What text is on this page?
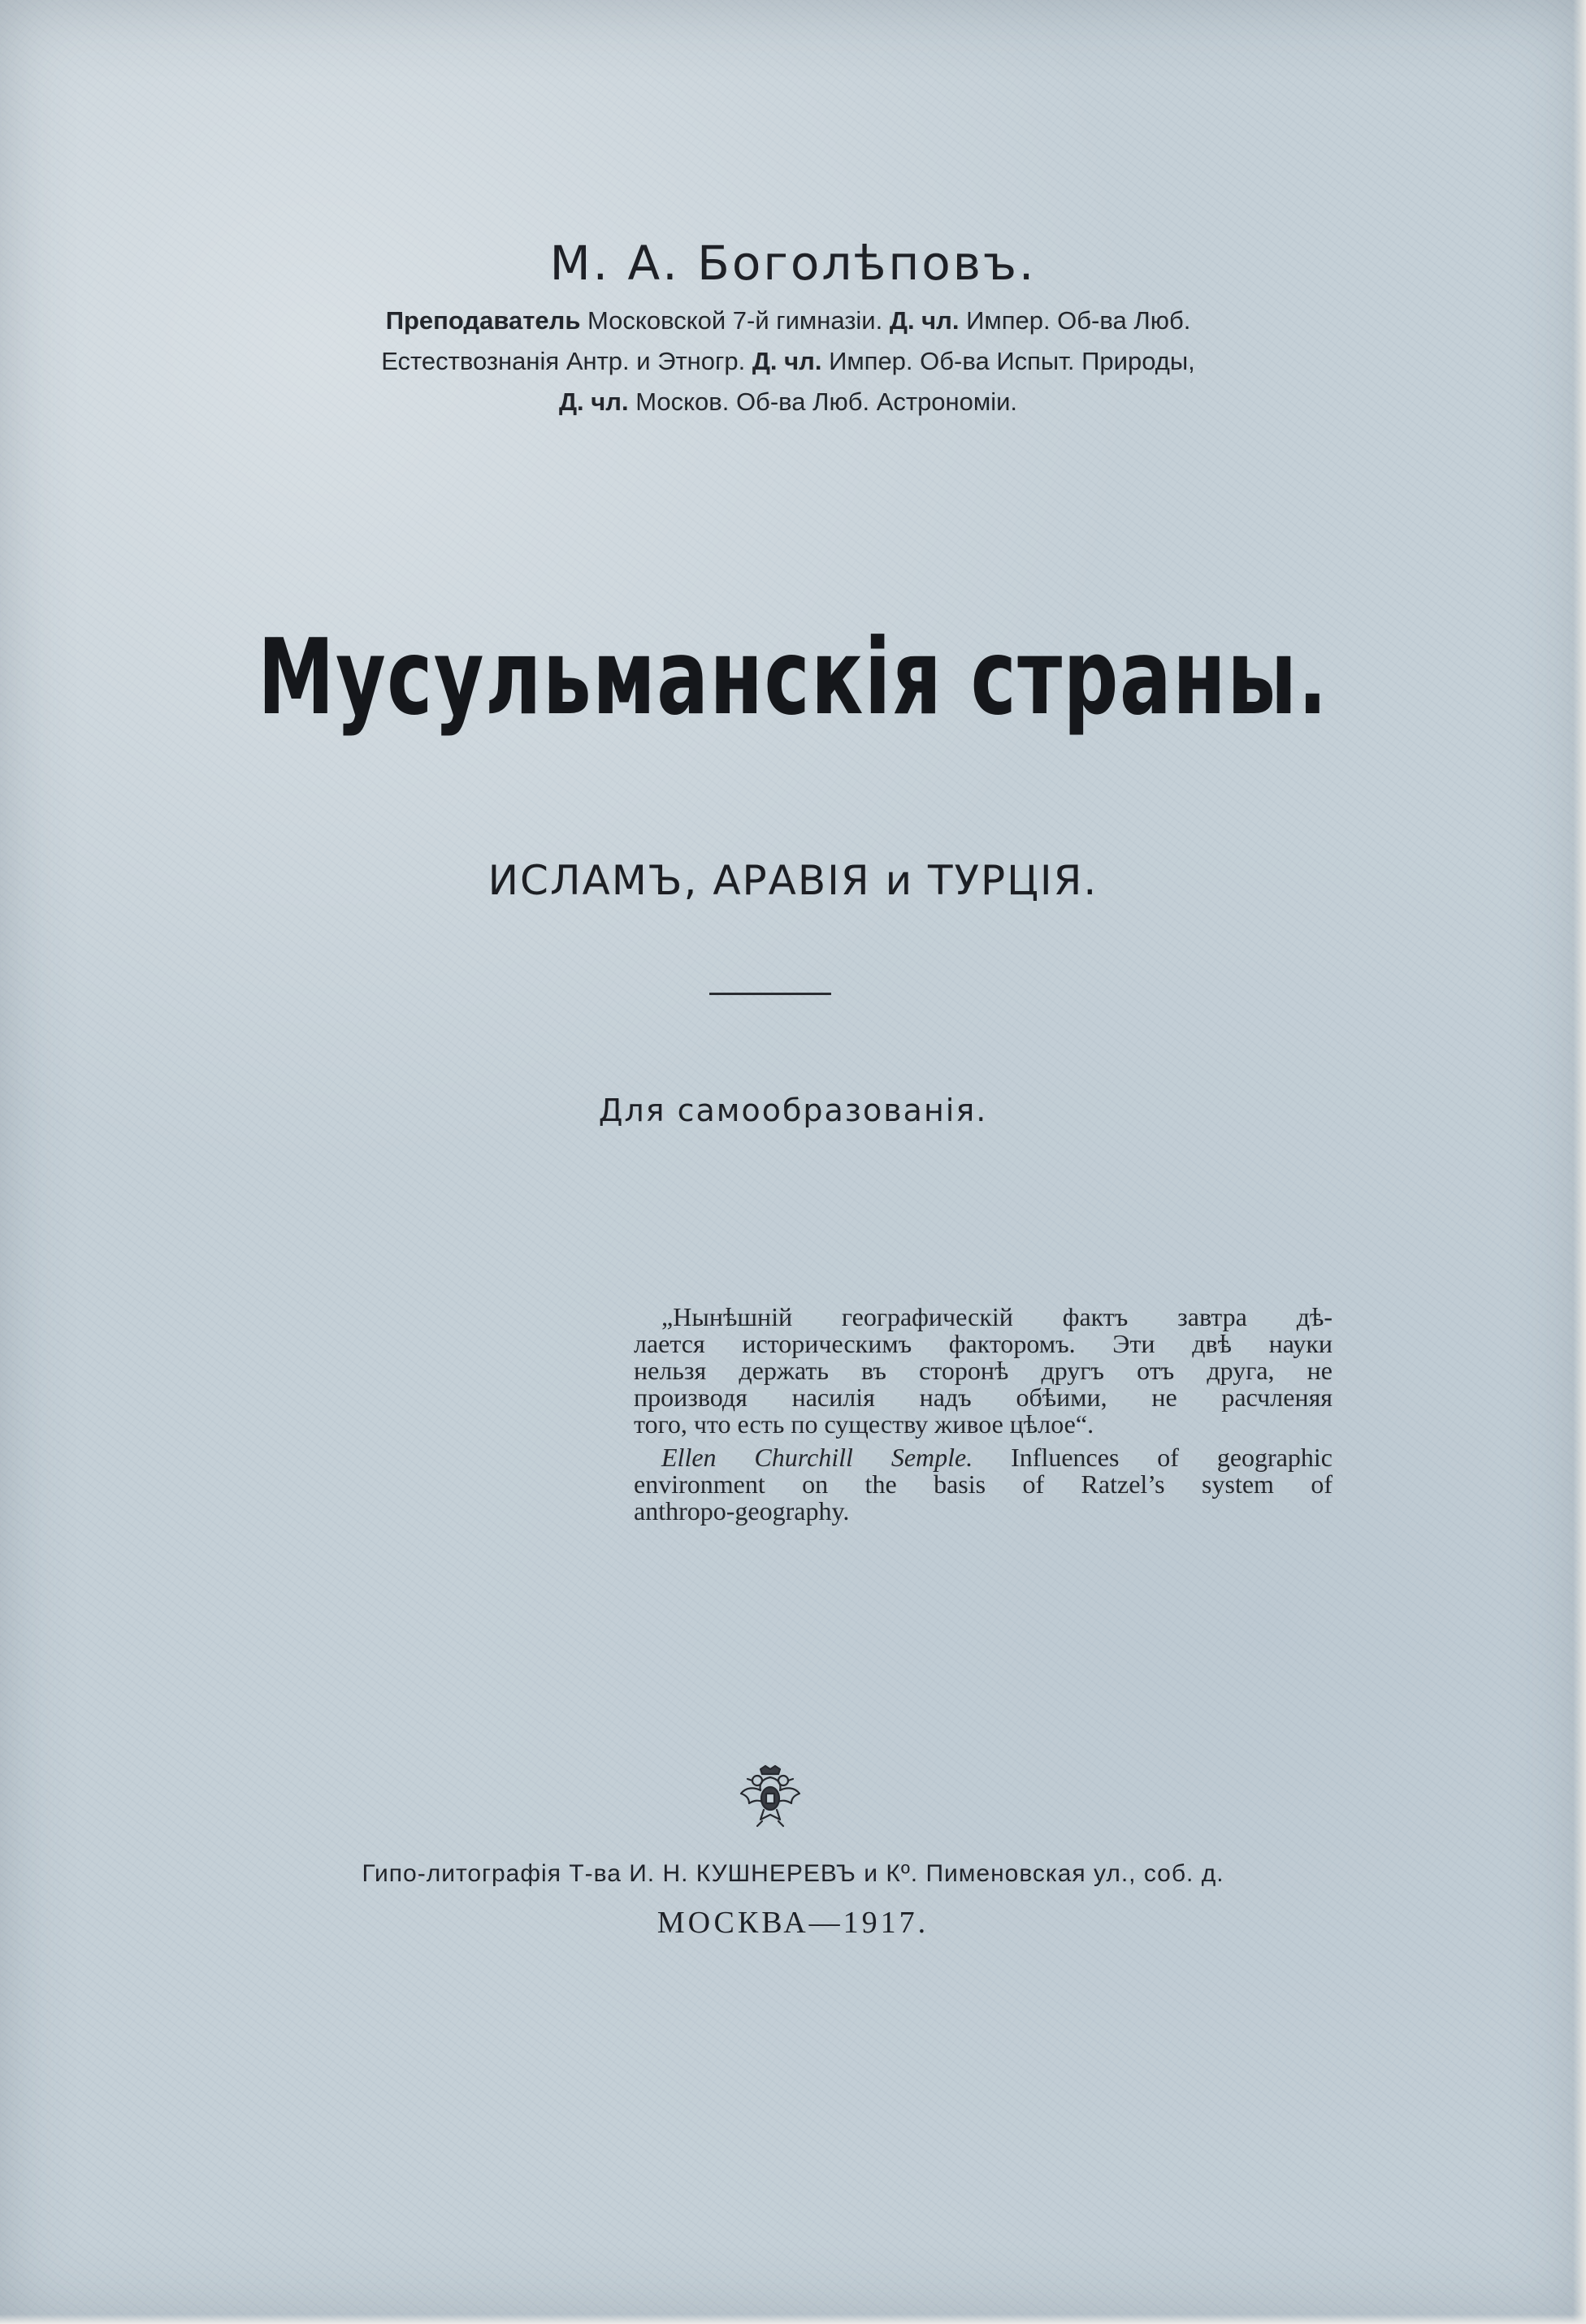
М. А. Боголѣповъ.
Преподаватель Московской 7-й гимназіи. Д. чл. Импер. Об-ва Люб.
Естествознанія Антр. и Этногр. Д. чл. Импер. Об-ва Испыт. Природы,
Д. чл. Москов. Об-ва Люб. Астрономіи.
Мусульманскія страны.
ИСЛАМЪ, АРАВІЯ и ТУРЦІЯ.
Для самообразованія.
„Нынѣшній географическій фактъ завтра дѣ-
лается историческимъ факторомъ. Эти двѣ науки
нельзя держать въ сторонѣ другъ отъ друга, не
производя насилія надъ обѣими, не расчленяя
того, что есть по существу живое цѣлое“.
Ellen Churchill Semple. Influences of geographic
environment on the basis of Ratzel’s system of
anthropo-geography.
Гипо-литографія Т-ва И. Н. КУШНЕРЕВЪ и Кº. Пименовская ул., соб. д.
МОСКВА—1917.
